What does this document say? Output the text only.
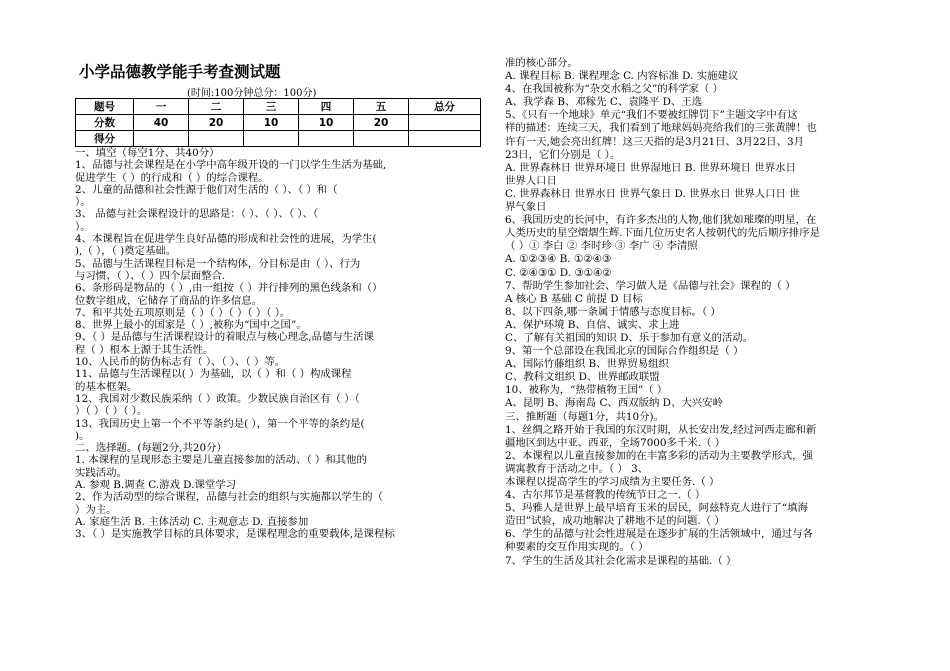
小学品德教学能手考查测试题
(时间:100分钟总分：100分)
题号	一	二	三	四	五	总分
分数	40	20	10	10	20	
得分						
一、填空（每空1分、共40分）
1、品德与社会课程是在小学中高年级开设的一门以学生生活为基础,
促进学生（ ）的行成和（ ）的综合课程。
2、儿童的品德和社会性源于他们对生活的（ ）、（ ）和（
）。
3、 品德与社会课程设计的思路是：（ ）、（ ）、（ ）、（
）。
4、本课程旨在促进学生良好品德的形成和社会性的进展，为学生(
),（ ），（ )奠定基础。
5、品德与生活课程目标是一个结构体，分目标是由（ ）、行为
与习惯、（ ）、（ ）四个层面整合.
6、条形码是物品的（ ）,由一组按（ ）并行排列的黑色线条和（）
位数字组成，它储存了商品的许多信息。
7、和平共处五项原则是（ ）（ ）（ ）（ ）（ ）。
8、世界上最小的国家是（ ）,被称为“国中之国”。
9、（ ）是品德与生活课程设计的着眼点与核心理念,品德与生活课
程（ ）根本上源于其生活性。
10、人民币的防伪标志有（ ）、（ ）、（ ）等。
11、品德与生活课程以( ）为基础，以（ ）和（ ）构成课程
的基本框架。
12、我国对少数民族采纳（ ）政策。少数民族自治区有（ ）（
）（ ）（ ）（ ）。
13、我国历史上第一个不平等条约是( ），第一个平等的条约是(
)。
二、选择题。(每题2分,共20分）
1. 本课程的呈现形态主要是儿童直接参加的活动、（ ）和其他的
实践活动。
A. 参观 B.调查 C.游戏 D.课堂学习
2、作为活动型的综合课程，品德与社会的组织与实施都以学生的（
）为主。
A. 家庭生活 B. 主体活动 C. 主观意志 D. 直接参加
3、（ ）是实施教学目标的具体要求，是课程理念的重要载体,是课程标
准的核心部分。
A. 课程目标 B. 课程理念 C. 内容标准 D. 实施建议
4、在我国被称为“杂交水稻之父”的科学家（ ）
A、我学森 B、邓稼先 C、袁隆平 D、王选
5、《只有一个地球》单元“我们不要被红牌罚下”主题文字中有这
样的描述：连续三天，我们看到了地球妈妈亮给我们的三张黄牌！也
许有一天,她会亮出红牌！这三天指的是3月21日、3月22日、3月
23日，它们分别是（ ）。
A. 世界森林日 世界环境日 世界湿地日 B. 世界环境日 世界水日
世界人口日
C. 世界森林日 世界水日 世界气象日 D. 世界水日 世界人口日 世
界气象日
6、我国历史的长河中，有许多杰出的人物,他们犹如璀璨的明星，在
人类历史的星空熠熠生辉.下面几位历史名人按朝代的先后顺序排序是
（ ）① 李白 ② 李时珍 ③ 李广 ④ 李清照
A. ①②③④ B. ①②④③
C. ②④③① D. ③①④②
7、帮助学生参加社会、学习做人是《品德与社会》课程的（ ）
A 核心 B 基础 C 前提 D 目标
8、以下四条,哪一条属于情感与态度目标。（ ）
A、保护环境 B、自信、诚实、求上进
C、了解有关祖国的知识 D、乐于参加有意义的活动。
9、第一个总部设在我国北京的国际合作组织是（ ）
A、国际竹藤组织 B、世界贸易组织
C、教科文组织 D、世界邮政联盟
10、被称为，“热带植物王国”（ ）
A、昆明 B、海南岛 C、西双版纳 D、大兴安岭
三、推断题（每题1分，共10分)。
1、丝绸之路开始于我国的东汉时期，从长安出发,经过河西走廊和新
疆地区到达中亚、西亚，全场7000多千米.（ ）
2、本课程以儿童直接参加的在丰富多彩的活动为主要教学形式，强
调寓教育于活动之中。（ ） 3、
本课程以提高学生的学习成绩为主要任务.（ ）
4、古尔邦节是基督教的传统节日之一.（ ）
5、玛雅人是世界上最早培育玉米的居民，阿兹特克人进行了“填海
造田”试验，成功地解决了耕地不足的问题.（ ）
6、学生的品德与社会性进展是在逐步扩展的生活领域中，通过与各
种要素的交互作用实现的。（ ）
7、学生的生活及其社会化需求是课程的基础.（ ）
